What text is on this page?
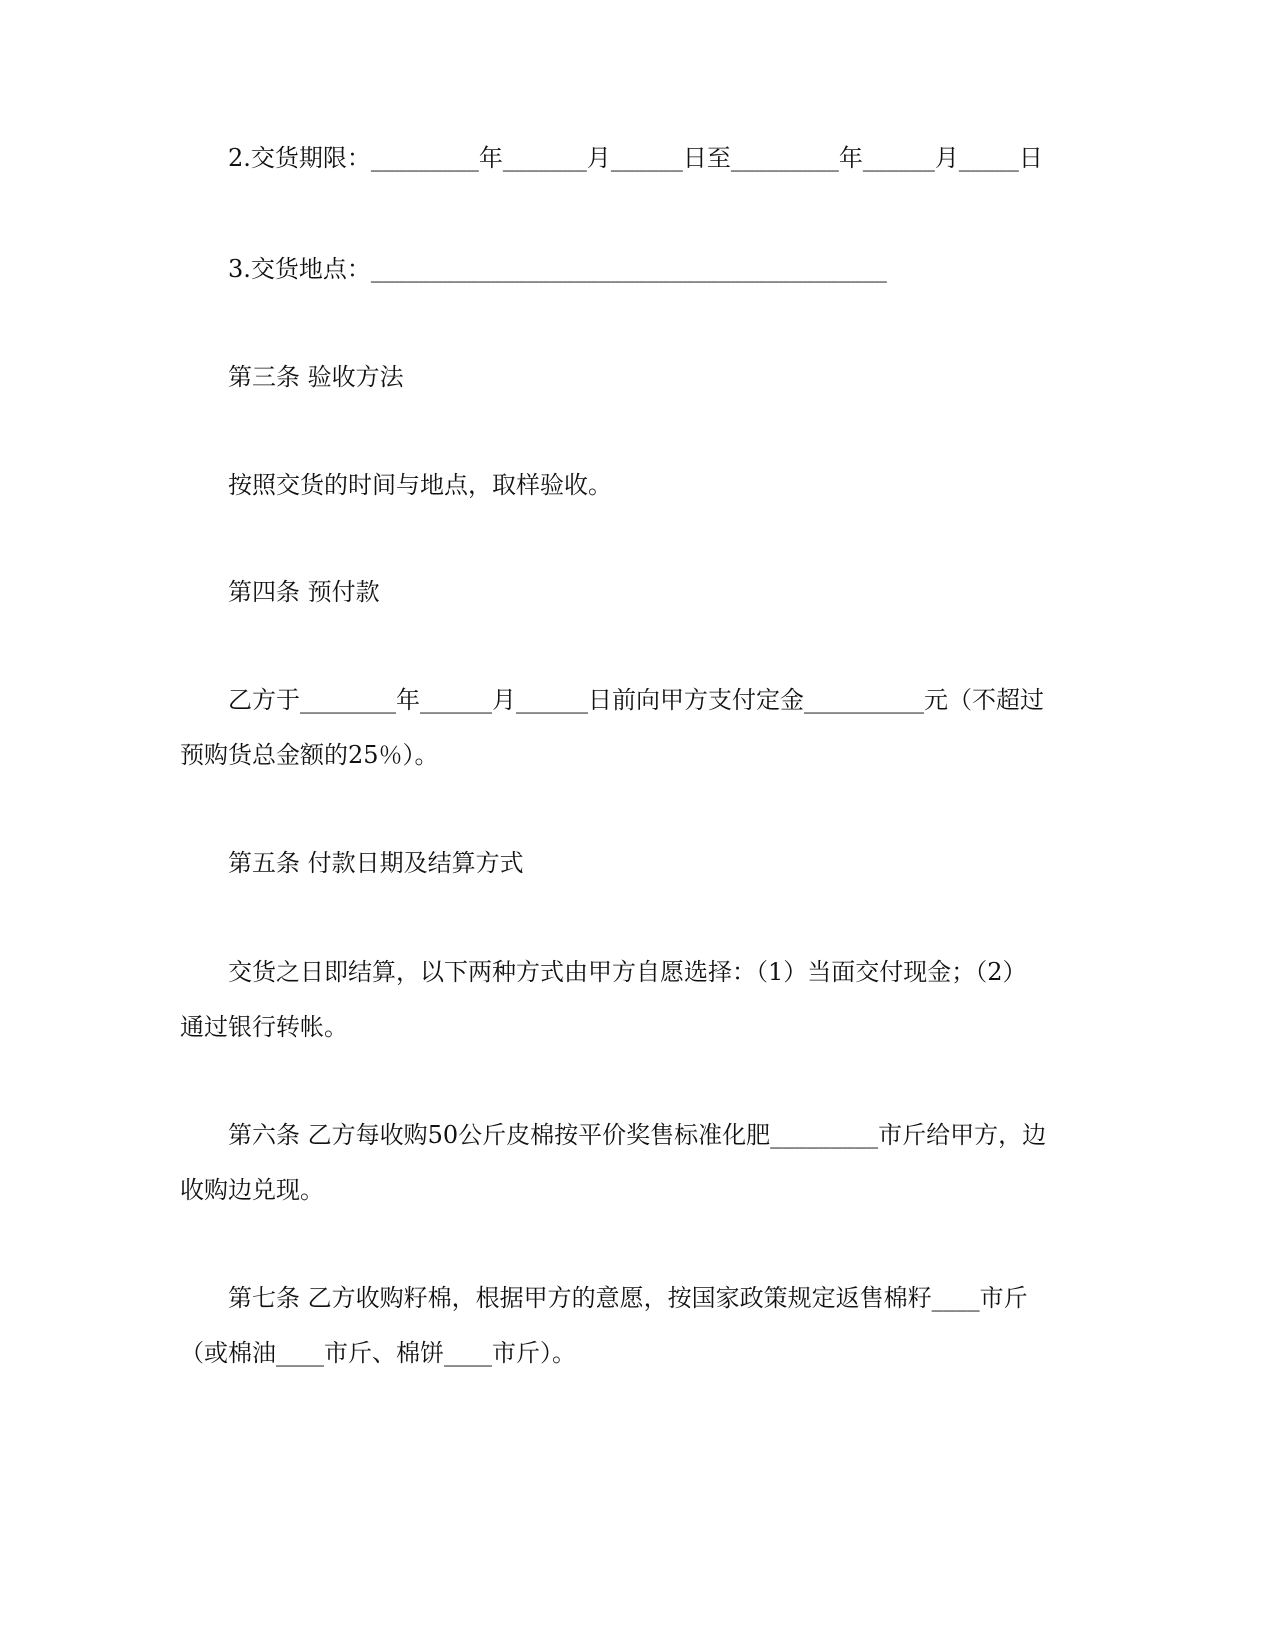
2.交货期限：_________年_______月______日至_________年______月_____日
3.交货地点：___________________________________________
第三条 验收方法
按照交货的时间与地点，取样验收。
第四条 预付款
乙方于________年______月______日前向甲方支付定金__________元（不超过
预购货总金额的25％）。
第五条 付款日期及结算方式
交货之日即结算，以下两种方式由甲方自愿选择：（1）当面交付现金；（2）
通过银行转帐。
第六条 乙方每收购50公斤皮棉按平价奖售标准化肥_________市斤给甲方，边
收购边兑现。
第七条 乙方收购籽棉，根据甲方的意愿，按国家政策规定返售棉籽____市斤
（或棉油____市斤、棉饼____市斤）。
